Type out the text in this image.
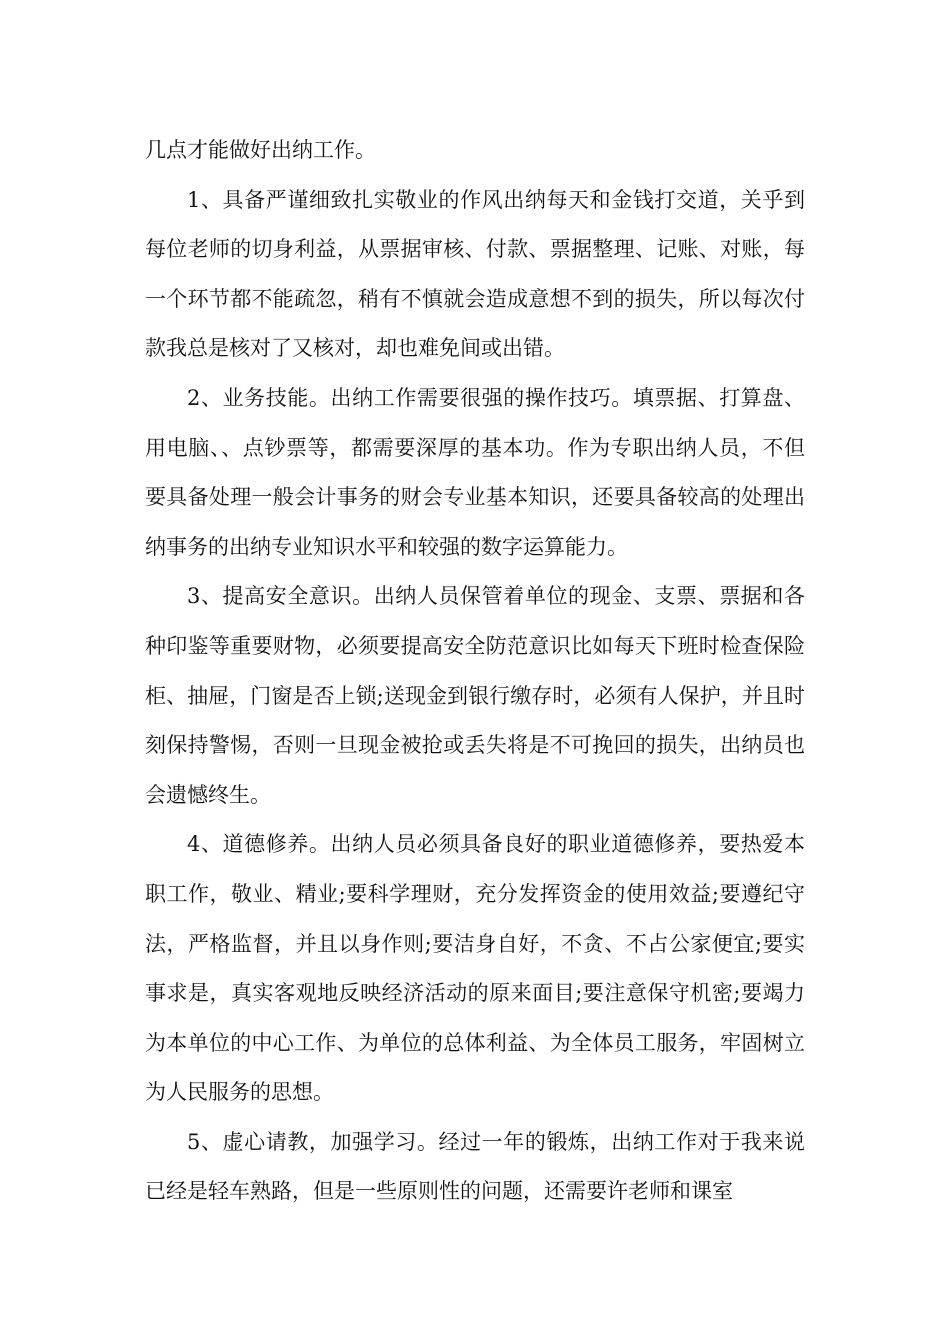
几点才能做好出纳工作。

1、具备严谨细致扎实敬业的作风出纳每天和金钱打交道，关乎到每位老师的切身利益，从票据审核、付款、票据整理、记账、对账，每一个环节都不能疏忽，稍有不慎就会造成意想不到的损失，所以每次付款我总是核对了又核对，却也难免间或出错。

2、业务技能。出纳工作需要很强的操作技巧。填票据、打算盘、用电脑、、点钞票等，都需要深厚的基本功。作为专职出纳人员，不但要具备处理一般会计事务的财会专业基本知识，还要具备较高的处理出纳事务的出纳专业知识水平和较强的数字运算能力。

3、提高安全意识。出纳人员保管着单位的现金、支票、票据和各种印鉴等重要财物，必须要提高安全防范意识比如每天下班时检查保险柜、抽屉，门窗是否上锁;送现金到银行缴存时，必须有人保护，并且时刻保持警惕，否则一旦现金被抢或丢失将是不可挽回的损失，出纳员也会遗憾终生。

4、道德修养。出纳人员必须具备良好的职业道德修养，要热爱本职工作，敬业、精业;要科学理财，充分发挥资金的使用效益;要遵纪守法，严格监督，并且以身作则;要洁身自好，不贪、不占公家便宜;要实事求是，真实客观地反映经济活动的原来面目;要注意保守机密;要竭力为本单位的中心工作、为单位的总体利益、为全体员工服务，牢固树立为人民服务的思想。

5、虚心请教，加强学习。经过一年的锻炼，出纳工作对于我来说已经是轻车熟路，但是一些原则性的问题，还需要许老师和课室
